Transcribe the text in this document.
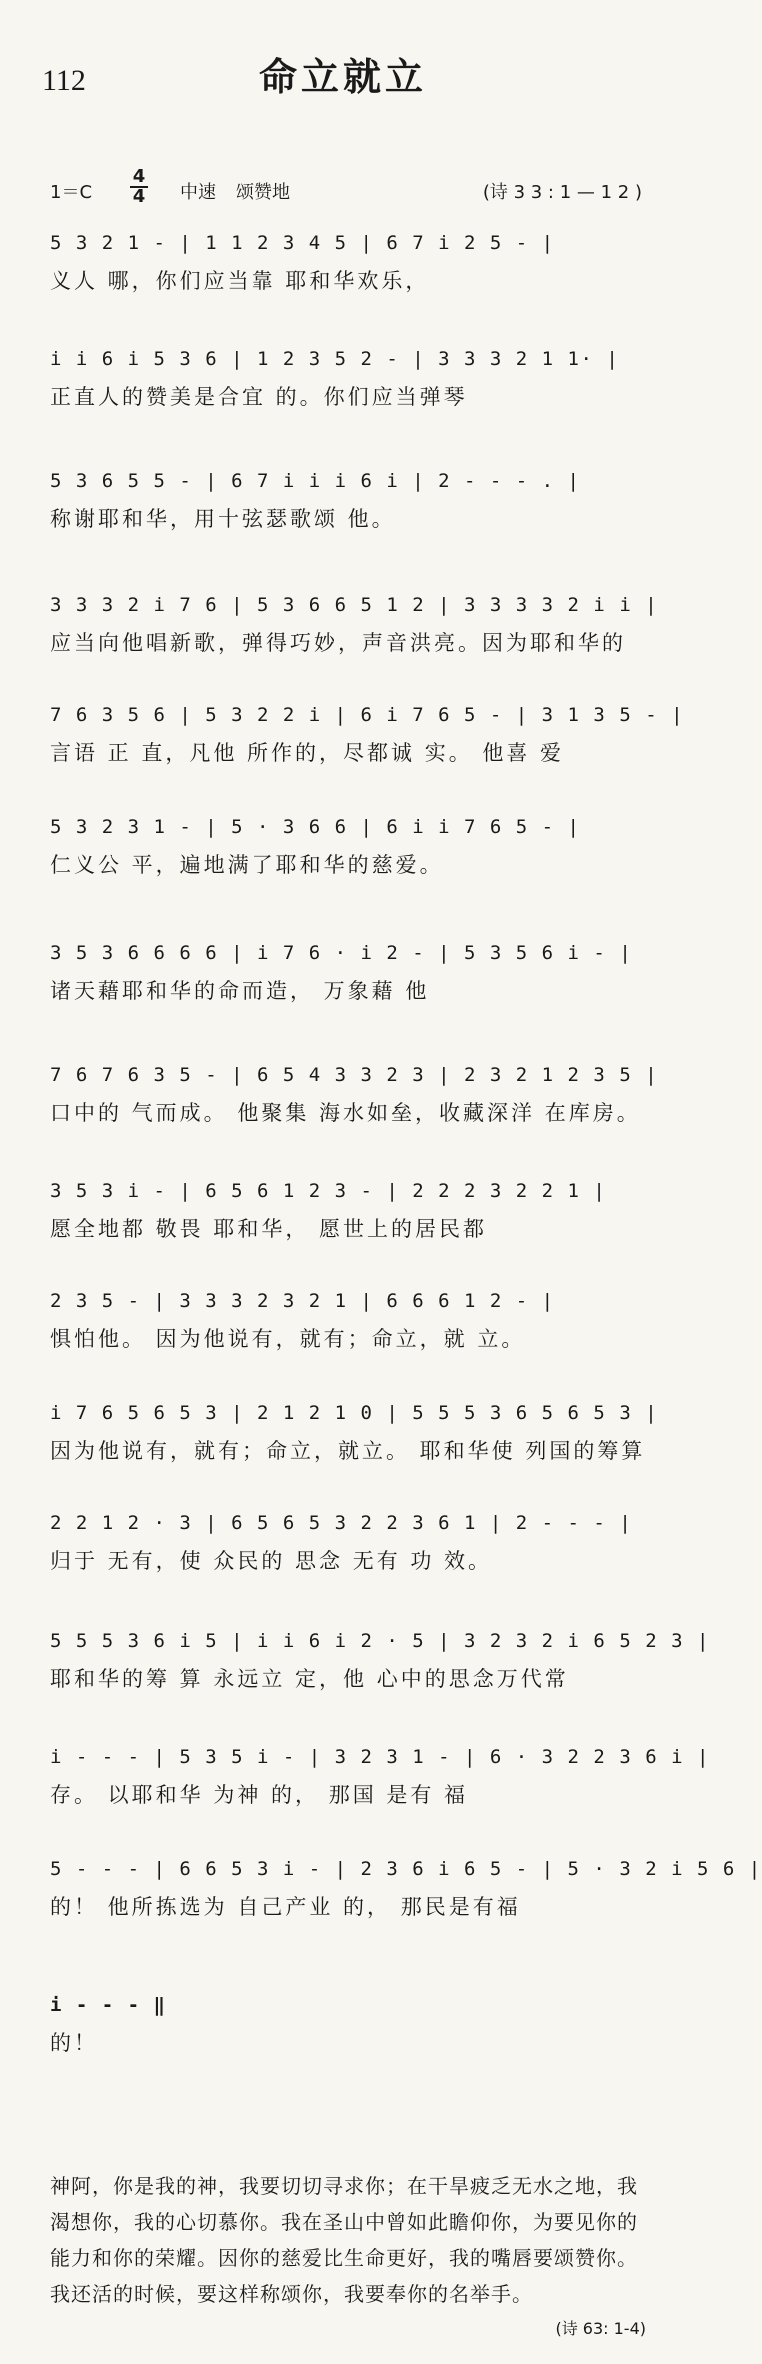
112	命立就立
1＝C
4
4 中速 颂赞地	(诗 3 3 : 1 — 1 2 )
5 3 2 1 - | 1 1 2 3 4 5 | 6 7 i 2 5 - |
义人 哪，你们应当靠 耶和华欢乐，
i i 6 i 5 3 6 | 1 2 3 5 2 - | 3 3 3 2 1 1· |
正直人的赞美是合宜 的。你们应当弹琴
5 3 6 5 5 - | 6 7 i i i 6 i | 2 - - - . |
称谢耶和华，用十弦瑟歌颂 他。
3 3 3 2 i 7 6 | 5 3 6 6 5 1 2 | 3 3 3 3 2 i i |
应当向他唱新歌，弹得巧妙，声音洪亮。因为耶和华的
7 6 3 5 6 | 5 3 2 2 i | 6 i 7 6 5 - | 3 1 3 5 - |
言语 正 直，凡他 所作的，尽都诚 实。 他喜 爱
5 3 2 3 1 - | 5 · 3 6 6 | 6 i i 7 6 5 - |
仁义公 平，遍地满了耶和华的慈爱。
3 5 3 6 6 6 6 | i 7 6 · i 2 - | 5 3 5 6 i - |
诸天藉耶和华的命而造， 万象藉 他
7 6 7 6 3 5 - | 6 5 4 3 3 2 3 | 2 3 2 1 2 3 5 |
口中的 气而成。 他聚集 海水如垒，收藏深洋 在库房。
3 5 3 i - | 6 5 6 1 2 3 - | 2 2 2 3 2 2 1 |
愿全地都 敬畏 耶和华， 愿世上的居民都
2 3 5 - | 3 3 3 2 3 2 1 | 6 6 6 1 2 - |
惧怕他。 因为他说有，就有；命立，就 立。
i 7 6 5 6 5 3 | 2 1 2 1 0 | 5 5 5 3 6 5 6 5 3 |
因为他说有，就有；命立，就立。 耶和华使 列国的筹算
2 2 1 2 · 3 | 6 5 6 5 3 2 2 3 6 1 | 2 - - - |
归于 无有，使 众民的 思念 无有 功 效。
5 5 5 3 6 i 5 | i i 6 i 2 · 5 | 3 2 3 2 i 6 5 2 3 |
耶和华的筹 算 永远立 定，他 心中的思念万代常
i - - - | 5 3 5 i - | 3 2 3 1 - | 6 · 3 2 2 3 6 i |
存。 以耶和华 为神 的， 那国 是有 福
5 - - - | 6 6 5 3 i - | 2 3 6 i 6 5 - | 5 · 3 2 i 5 6 |
的！ 他所拣选为 自己产业 的， 那民是有福
i - - - ‖
的！
神阿，你是我的神，我要切切寻求你；在干旱疲乏无水之地，我渴想你，我的心切慕你。我在圣山中曾如此瞻仰你，为要见你的能力和你的荣耀。因你的慈爱比生命更好，我的嘴唇要颂赞你。我还活的时候，要这样称颂你，我要奉你的名举手。
(诗 63: 1-4)
